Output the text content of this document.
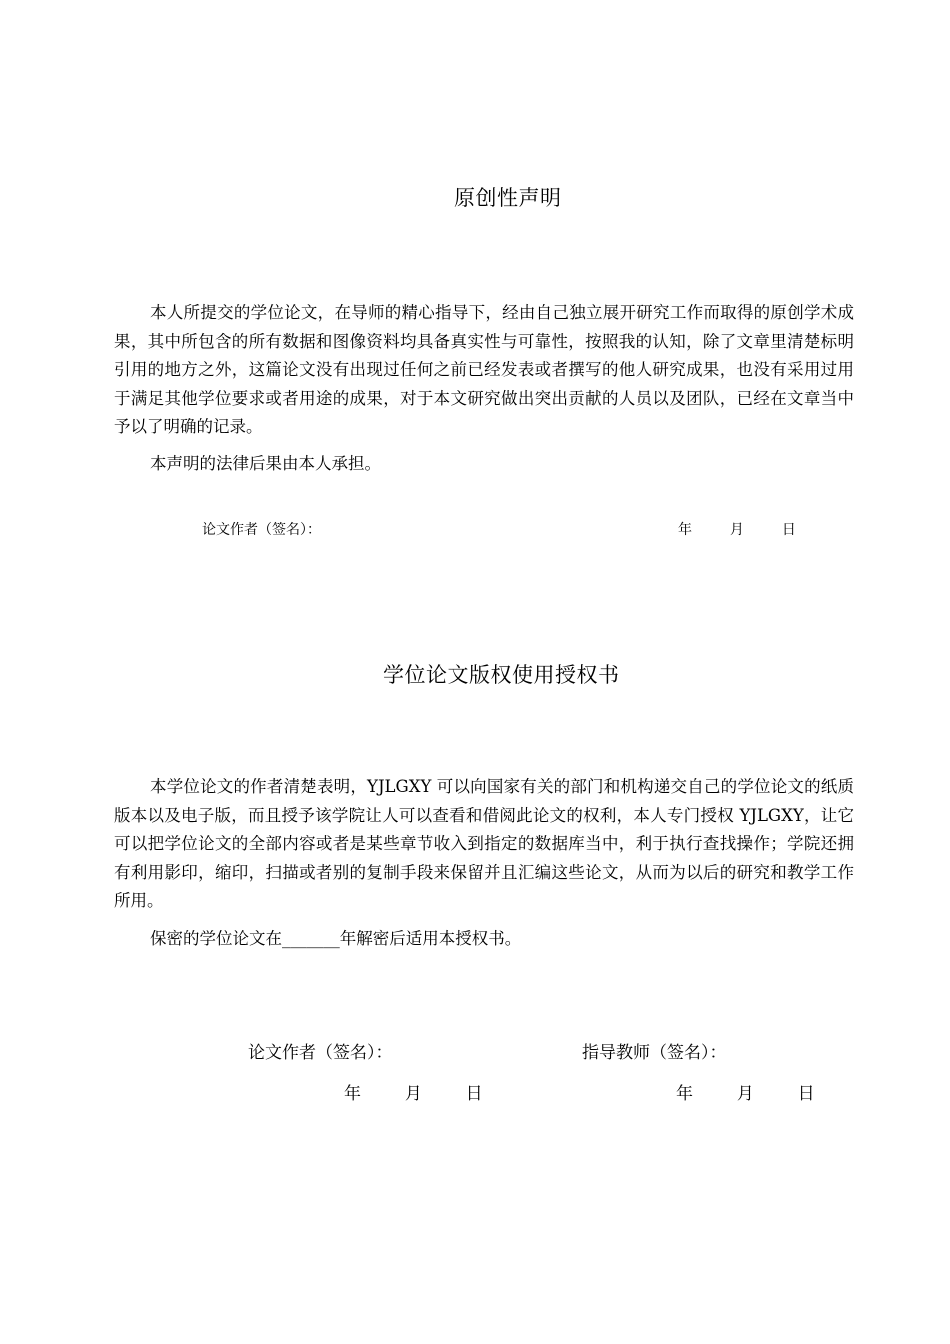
原创性声明

本人所提交的学位论文，在导师的精心指导下，经由自己独立展开研究工作而取得的原创学术成果，其中所包含的所有数据和图像资料均具备真实性与可靠性，按照我的认知，除了文章里清楚标明引用的地方之外，这篇论文没有出现过任何之前已经发表或者撰写的他人研究成果，也没有采用过用于满足其他学位要求或者用途的成果，对于本文研究做出突出贡献的人员以及团队，已经在文章当中予以了明确的记录。

本声明的法律后果由本人承担。

论文作者（签名）：	年	月	日
学位论文版权使用授权书

本学位论文的作者清楚表明，YJLGXY 可以向国家有关的部门和机构递交自己的学位论文的纸质版本以及电子版，而且授予该学院让人可以查看和借阅此论文的权利，本人专门授权 YJLGXY，让它可以把学位论文的全部内容或者是某些章节收入到指定的数据库当中，利于执行查找操作；学院还拥有利用影印，缩印，扫描或者别的复制手段来保留并且汇编这些论文，从而为以后的研究和教学工作所用。

保密的学位论文在_______年解密后适用本授权书。

论文作者（签名）：	指导教师（签名）：
年	月	日	年	月	日
